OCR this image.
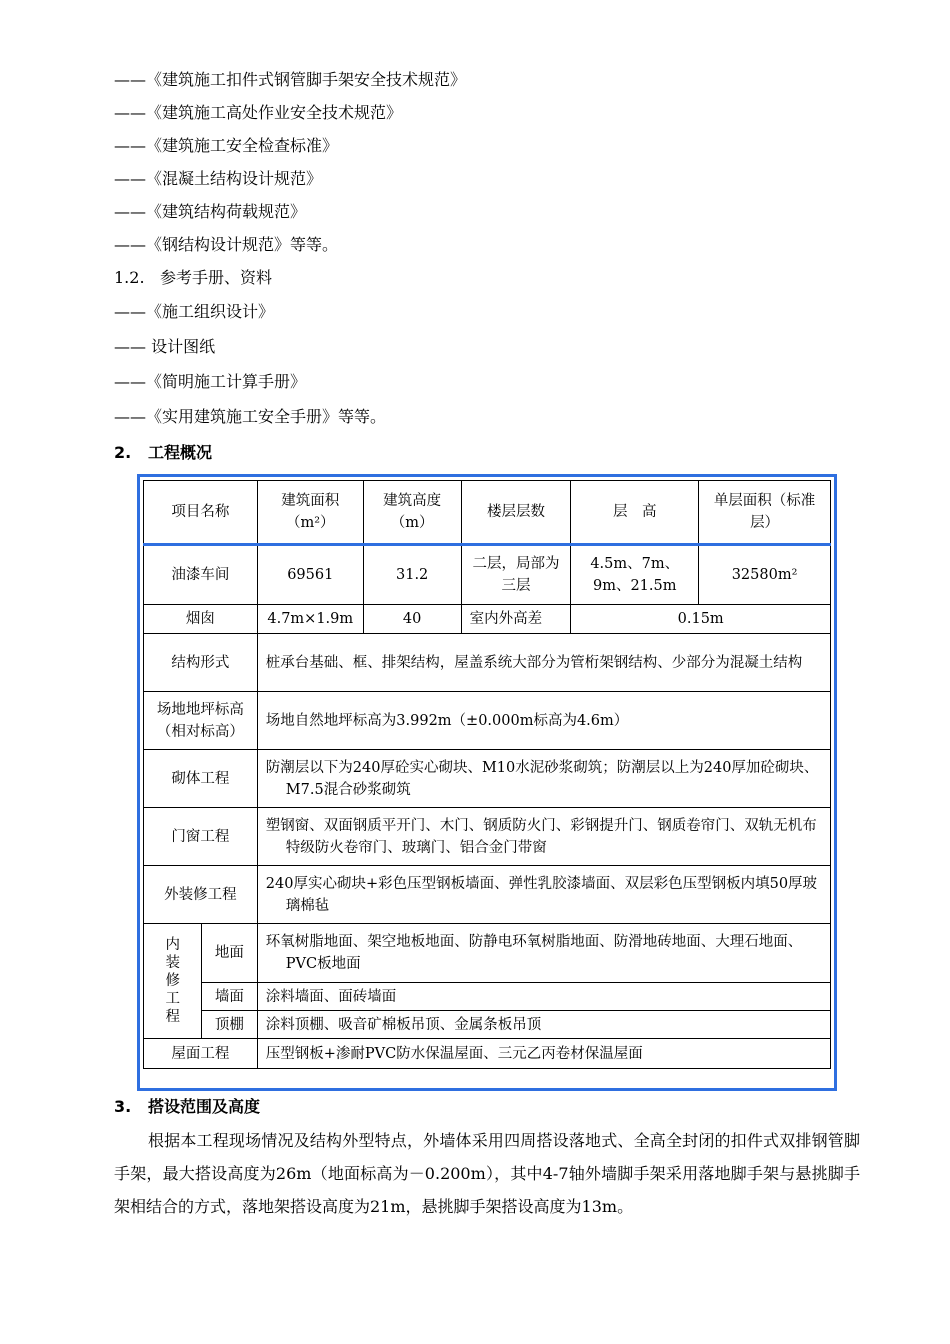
——《建筑施工扣件式钢管脚手架安全技术规范》
——《建筑施工高处作业安全技术规范》
——《建筑施工安全检查标准》
——《混凝土结构设计规范》
——《建筑结构荷载规范》
——《钢结构设计规范》等等。
1.2. 参考手册、资料
——《施工组织设计》
—— 设计图纸
——《简明施工计算手册》
——《实用建筑施工安全手册》等等。
2. 工程概况
项目名称		建筑面积（m²）	建筑高度（m）	楼层层数	层　高	单层面积（标准层）
油漆车间		69561	31.2	二层，局部为三层	4.5m、7m、9m、21.5m	32580m²
烟囱		4.7m×1.9m	40	室内外高差	0.15m	
结构形式		桩承台基础、框、排架结构，屋盖系统大部分为管桁架钢结构、少部分为混凝土结构				

场地地坪标高（相对标高）		场地自然地坪标高为3.992m（±0.000m标高为4.6m）				
砌体工程		防潮层以下为240厚砼实心砌块、M10水泥砂浆砌筑；防潮层以上为240厚加砼砌块、M7.5混合砂浆砌筑				

门窗工程		塑钢窗、双面钢质平开门、木门、钢质防火门、彩钢提升门、钢质卷帘门、双轨无机布特级防火卷帘门、玻璃门、铝合金门带窗				

外装修工程		240厚实心砌块+彩色压型钢板墙面、弹性乳胶漆墙面、双层彩色压型钢板内填50厚玻璃棉毡				

内装修工程	地面	环氧树脂地面、架空地板地面、防静电环氧树脂地面、防滑地砖地面、大理石地面、PVC板地面				

	墙面	涂料墙面、面砖墙面				
	顶棚	涂料顶棚、吸音矿棉板吊顶、金属条板吊顶				
屋面工程		压型钢板+渗耐PVC防水保温屋面、三元乙丙卷材保温屋面				
3. 搭设范围及高度
根据本工程现场情况及结构外型特点，外墙体采用四周搭设落地式、全高全封闭的扣件式双排钢管脚手架，最大搭设高度为26m（地面标高为－0.200m），其中4-7轴外墙脚手架采用落地脚手架与悬挑脚手架相结合的方式，落地架搭设高度为21m，悬挑脚手架搭设高度为13m。
